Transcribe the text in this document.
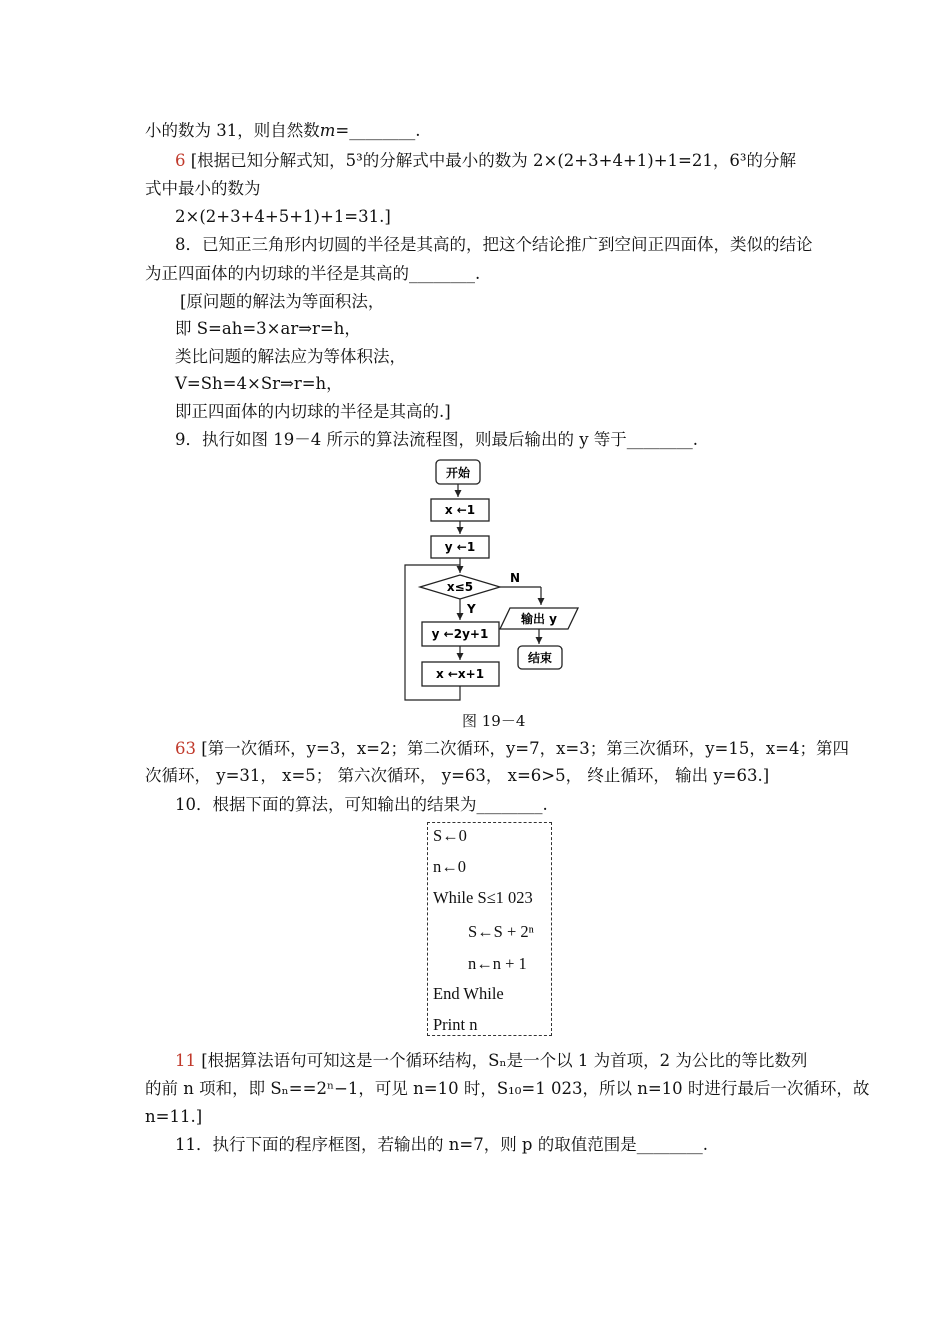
小的数为 31，则自然数m=________.
6 [根据已知分解式知，5³的分解式中最小的数为 2×(2+3+4+1)+1=21，6³的分解
式中最小的数为
2×(2+3+4+5+1)+1=31.]
8．已知正三角形内切圆的半径是其高的，把这个结论推广到空间正四面体，类似的结论
为正四面体的内切球的半径是其高的________.
[原问题的解法为等面积法，
即 S=ah=3×ar⇒r=h，
类比问题的解法应为等体积法，
V=Sh=4×Sr⇒r=h，
即正四面体的内切球的半径是其高的.]
9．执行如图 19－4 所示的算法流程图，则最后输出的 y 等于________.
开始
x ←1
y ←1
x≤5
N
输出 y
结束
Y
y ←2y+1
x ←x+1
图 19－4
63 [第一次循环，y=3，x=2；第二次循环，y=7，x=3；第三次循环，y=15，x=4；第四
次循环， y=31， x=5； 第六次循环， y=63， x=6>5， 终止循环， 输出 y=63.]
10．根据下面的算法，可知输出的结果为________.
S←0
n←0
While S≤1 023
S←S + 2ⁿ
n←n + 1
End While
Print n
11 [根据算法语句可知这是一个循环结构，Sₙ是一个以 1 为首项，2 为公比的等比数列
的前 n 项和，即 Sₙ==2ⁿ−1，可见 n=10 时，S₁₀=1 023，所以 n=10 时进行最后一次循环，故
n=11.]
11．执行下面的程序框图，若输出的 n=7，则 p 的取值范围是________.
